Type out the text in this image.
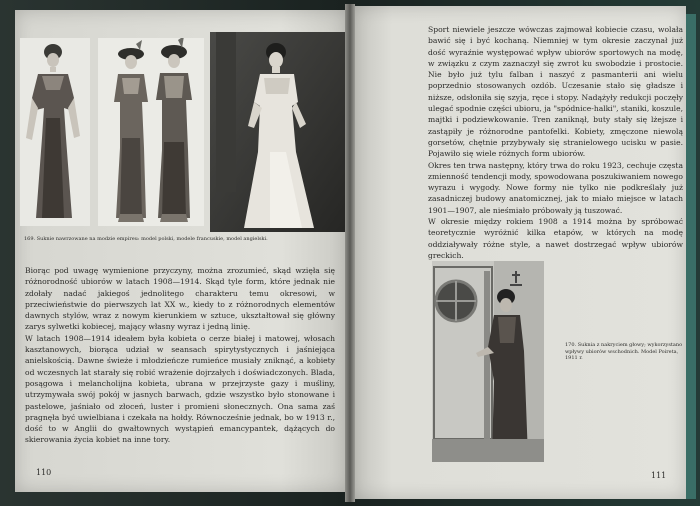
169. Suknie nawrzowane na modzie empireu: model polski, modele francuskie, model angielski.

Biorąc pod uwagę wymienione przyczyny, można zrozumieć, skąd wzięła się różnorodność ubiorów w latach 1908—1914. Skąd tyle form, które jednak nie zdołały nadać jakiegoś jednolitego charakteru temu okresowi, w przeciwieństwie do pierwszych lat XX w., kiedy to z różnorodnych elementów dawnych stylów, wraz z nowym kierunkiem w sztuce, ukształtował się główny zarys sylwetki kobiecej, mający własny wyraz i jedną linię.

W latach 1908—1914 ideałem była kobieta o cerze białej i matowej, włosach kasztanowych, biorąca udział w seansach spirytystycznych i jaśniejąca anielskością. Dawne świeże i młodzieńcze rumieńce musiały zniknąć, a kobiety od wczesnych lat starały się robić wrażenie dojrzałych i doświadczonych. Blada, posągowa i melancholijna kobieta, ubrana w przejrzyste gazy i muśliny, utrzymywała swój pokój w jasnych barwach, gdzie wszystko było stonowane i pastelowe, jaśniało od złoceń, luster i promieni słonecznych. Ona sama zaś pragnęła być uwielbiana i czekała na hołdy. Równocześnie jednak, bo w 1913 r., dość to w Anglii do gwałtownych wystąpień emancypantek, dążących do skierowania życia kobiet na inne tory.

110

Sport niewiele jeszcze wówczas zajmował kobiecie czasu, wolała bawić się i być kochaną. Niemniej w tym okresie zaczynał już dość wyraźnie występować wpływ ubiorów sportowych na modę, w związku z czym zaznaczył się zwrot ku swobodzie i prostocie. Nie było już tylu falban i naszyć z pasmanterii ani wielu poprzednio stosowanych ozdób. Uczesanie stało się gładsze i niższe, odsłoniła się szyja, ręce i stopy. Nadążyły redukcji poczęły ulegać spodnie części ubioru, ja "spódnice-halki", staniki, koszule, majtki i podziewkowanie. Tren zaniknął, buty stały się lżejsze i zastąpiły je różnorodne pantofelki. Kobiety, zmęczone niewolą gorsetów, chętnie przybywały się stranielowego ucisku w pasie. Pojawiło się wiele różnych form ubiorów.

Okres ten trwa następny, który trwa do roku 1923, cechuje częsta zmienność tendencji mody, spowodowana poszukiwaniem nowego wyrazu i wygody. Nowe formy nie tylko nie podkreślały już zasadniczej budowy anatomicznej, jak to miało miejsce w latach 1901—1907, ale nieśmiało próbowały ją tuszować.

W okresie między rokiem 1908 a 1914 można by spróbować teoretycznie wyróżnić kilka etapów, w których na modę oddziaływały różne style, a nawet dostrzegać wpływ ubiorów greckich.

170. Suknia z nakryciem głowy; wykorzystano wpływy ubiorów wschodnich. Model Poireta, 1911 r.

111
